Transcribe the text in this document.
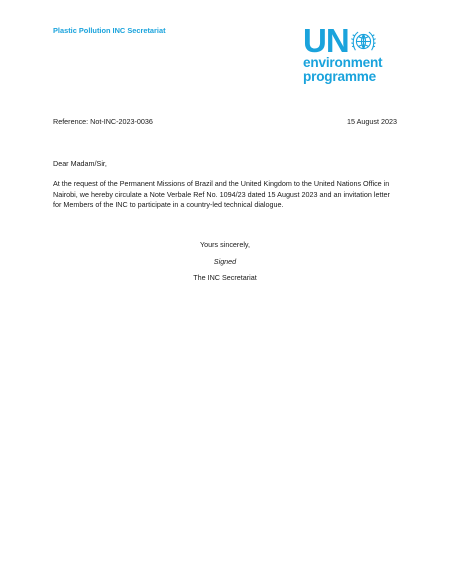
Plastic Pollution INC Secretariat	UN
environment
programme
Reference: Not-INC-2023-0036	15 August 2023
Dear Madam/Sir,
At the request of the Permanent Missions of Brazil and the United Kingdom to the United Nations Office in Nairobi, we hereby circulate a Note Verbale Ref No. 1094/23 dated 15 August 2023 and an invitation letter for Members of the INC to participate in a country-led technical dialogue.
Yours sincerely,
Signed
The INC Secretariat
